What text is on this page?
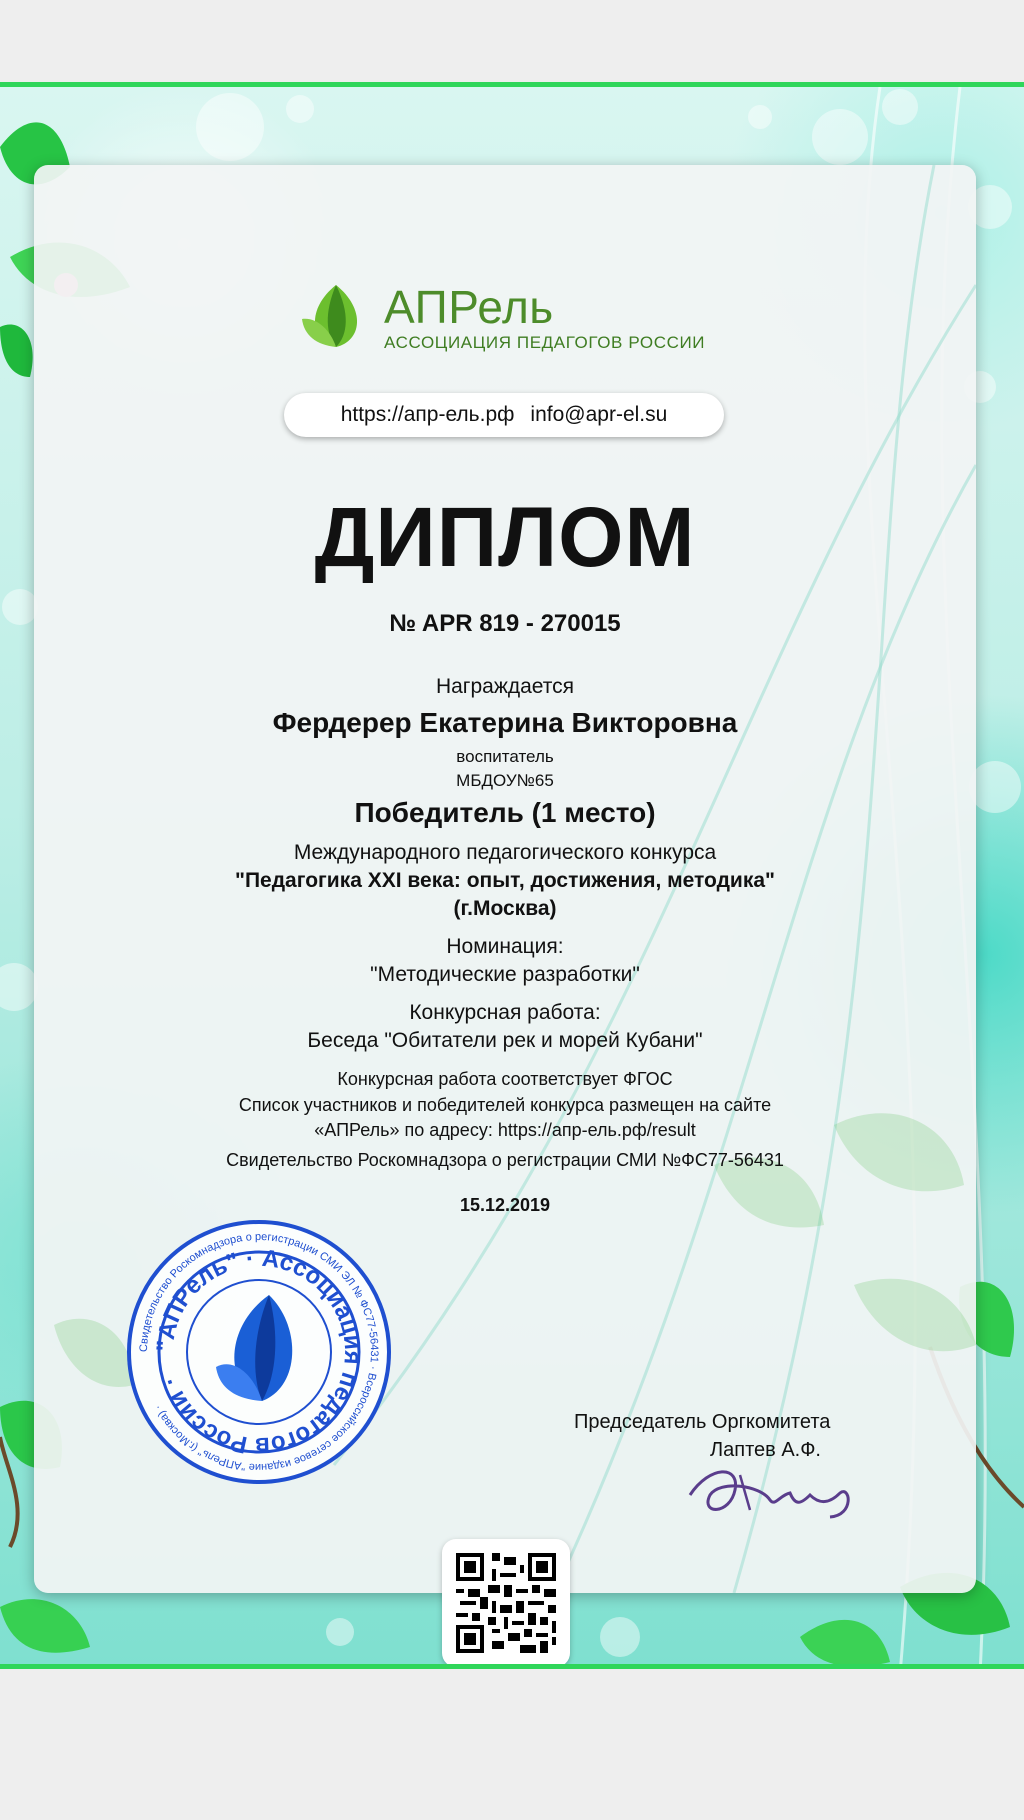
АПРель
АССОЦИАЦИЯ ПЕДАГОГОВ РОССИИ
https://апр-ель.рф info@apr-el.su
ДИПЛОМ
№ APR 819 - 270015
Награждается
Фердерер Екатерина Викторовна
воспитатель
МБДОУ№65
Победитель (1 место)
Международного педагогического конкурса
"Педагогика XXI века: опыт, достижения, методика"
(г.Москва)
Номинация:
"Методические разработки"
Конкурсная работа:
Беседа "Обитатели рек и морей Кубани"
Конкурсная работа соответствует ФГОС
Список участников и победителей конкурса размещен на сайте
«АПРель» по адресу: https://апр-ель.рф/result
Свидетельство Роскомнадзора о регистрации СМИ №ФС77-56431
15.12.2019
Свидетельство Роскомнадзора о регистрации СМИ ЭЛ № ФС77-56431 · Всероссийское сетевое издание "АПРель" (г.Москва) ·
"АПРель" · Ассоциация педагогов России ·
Председатель Оргкомитета
Лаптев А.Ф.
